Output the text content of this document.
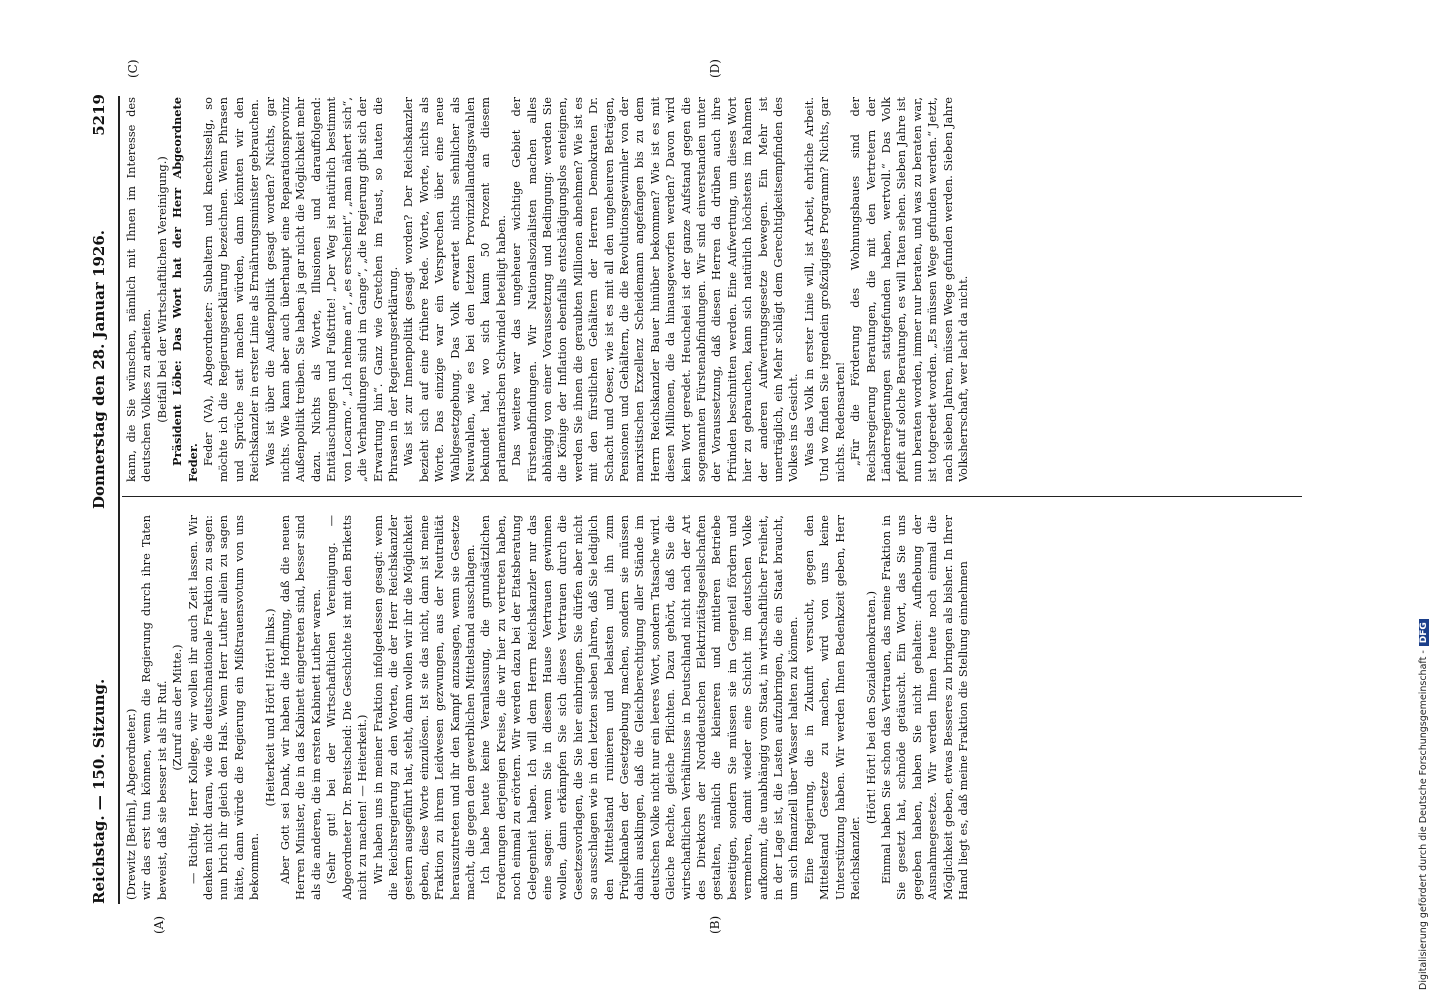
Reichstag. — 150. Sitzung.
Donnerstag den 28. Januar 1926.
5219
(A)	(B)
(C)	(D)

(Drewitz [Berlin], Abgeordneter.) wir das erst tun können, wenn die Regierung durch ihre Taten beweist, daß sie besser ist als ihr Ruf. (Zuruf aus der Mitte.) — Richtig, Herr Kollege, wir wollen ihr auch Zeit lassen. Wir denken nicht daran, wie die deutschnationale Fraktion zu sagen: nun brich ihr gleich den Hals. Wenn Herr Luther allein zu sagen hätte, dann würde die Regierung ein Mißtrauensvotum von uns bekommen.

(Heiterkeit und Hört! Hört! links.) Aber Gott sei Dank, wir haben die Hoffnung, daß die neuen Herren Minister, die in das Kabinett eingetreten sind, besser sind als die anderen, die im ersten Kabinett Luther waren. (Sehr gut! bei der Wirtschaftlichen Vereinigung. — Abgeordneter Dr. Breitscheid: Die Geschichte ist mit den Briketts nicht zu machen! — Heiterkeit.) Wir haben uns in meiner Fraktion infolgedessen gesagt: wenn die Reichsregierung zu den Worten, die der Herr Reichskanzler gestern ausgeführt hat, steht, dann wollen wir ihr die Möglichkeit geben, diese Worte einzulösen. Ist sie das nicht, dann ist meine Fraktion zu ihrem Leidwesen gezwungen, aus der Neutralität herauszutreten und ihr den Kampf anzusagen, wenn sie Gesetze macht, die gegen den gewerblichen Mittelstand ausschlagen. Ich habe heute keine Veranlassung, die grundsätzlichen Forderungen derjenigen Kreise, die wir hier zu vertreten haben, noch einmal zu erörtern. Wir werden dazu bei der Etatsberatung Gelegenheit haben. Ich will dem Herrn Reichskanzler nur das eine sagen: wenn Sie in diesem Hause Vertrauen gewinnen wollen, dann erkämpfen Sie sich dieses Vertrauen durch die Gesetzesvorlagen, die Sie hier einbringen. Sie dürfen aber nicht so ausschlagen wie in den letzten sieben Jahren, daß Sie lediglich den Mittelstand ruinieren und belasten und ihn zum Prügelknaben der Gesetzgebung machen, sondern sie müssen dahin ausklingen, daß die Gleichberechtigung aller Stände im deutschen Volke nicht nur ein leeres Wort, sondern Tatsache wird. Gleiche Rechte, gleiche Pflichten. Dazu gehört, daß Sie die wirtschaftlichen Verhältnisse in Deutschland nicht nach der Art des Direktors der Norddeutschen Elektrizitätsgesellschaften gestalten, nämlich die kleineren und mittleren Betriebe beseitigen, sondern Sie müssen sie im Gegenteil fördern und vermehren, damit wieder eine Schicht im deutschen Volke aufkommt, die unabhängig vom Staat, in wirtschaftlicher Freiheit, in der Lage ist, die Lasten aufzubringen, die ein Staat braucht, um sich finanziell über Wasser halten zu können. Eine Regierung, die in Zukunft versucht, gegen den Mittelstand Gesetze zu machen, wird von uns keine Unterstützung haben. Wir werden Ihnen Bedenkzeit geben, Herr Reichskanzler.

(Hört! Hört! bei den Sozialdemokraten.) Einmal haben Sie schon das Vertrauen, das meine Fraktion in Sie gesetzt hat, schnöde getäuscht. Ein Wort, das Sie uns gegeben haben, haben Sie nicht gehalten: Aufhebung der Ausnahmegesetze. Wir werden Ihnen heute noch einmal die Möglichkeit geben, etwas Besseres zu bringen als bisher. In Ihrer Hand liegt es, daß meine Fraktion die Stellung einnehmen

kann, die Sie wünschen, nämlich mit Ihnen im Interesse des deutschen Volkes zu arbeiten. (Beifall bei der Wirtschaftlichen Vereinigung.) Präsident Löbe: Das Wort hat der Herr Abgeordnete Feder. Feder (VA), Abgeordneter: Subaltern und knechtsselig, so möchte ich die Regierungserklärung bezeichnen. Wenn Phrasen und Sprüche satt machen würden, dann könnten wir den Reichskanzler in erster Linie als Ernährungsminister gebrauchen. Was ist über die Außenpolitik gesagt worden? Nichts, gar nichts. Wie kann aber auch überhaupt eine Reparationsprovinz Außenpolitik treiben. Sie haben ja gar nicht die Möglichkeit mehr dazu. Nichts als Worte, Illusionen und darauffolgend: Enttäuschungen und Fußtritte! „Der Weg ist natürlich bestimmt von Locarno.“ „Ich nehme an“, „es erscheint“, „man nähert sich“, „die Verhandlungen sind im Gange“, „die Regierung gibt sich der Erwartung hin“. Ganz wie Gretchen im Faust, so lauten die Phrasen in der Regierungserklärung. Was ist zur Innenpolitik gesagt worden? Der Reichskanzler bezieht sich auf eine frühere Rede. Worte, Worte, nichts als Worte. Das einzige war ein Versprechen über eine neue Wahlgesetzgebung. Das Volk erwartet nichts sehnlicher als Neuwahlen, wie es bei den letzten Provinziallandtagswahlen bekundet hat, wo sich kaum 50 Prozent an diesem parlamentarischen Schwindel beteiligt haben. Das weitere war das ungeheuer wichtige Gebiet der Fürstenabfindungen. Wir Nationalsozialisten machen alles abhängig von einer Voraussetzung und Bedingung: werden Sie die Könige der Inflation ebenfalls entschädigungslos enteignen, werden Sie ihnen die geraubten Millionen abnehmen? Wie ist es mit den fürstlichen Gehältern der Herren Demokraten Dr. Schacht und Oeser, wie ist es mit all den ungeheuren Beträgen, Pensionen und Gehältern, die die Revolutionsgewinnler von der marxistischen Exzellenz Scheidemann angefangen bis zu dem Herrn Reichskanzler Bauer hinüber bekommen? Wie ist es mit diesen Millionen, die da hinausgeworfen werden? Davon wird kein Wort geredet. Heuchelei ist der ganze Aufstand gegen die sogenannten Fürstenabfindungen. Wir sind einverstanden unter der Voraussetzung, daß diesen Herren da drüben auch ihre Pfründen beschnitten werden. Eine Aufwertung, um dieses Wort hier zu gebrauchen, kann sich natürlich höchstens im Rahmen der anderen Aufwertungsgesetze bewegen. Ein Mehr ist unerträglich, ein Mehr schlägt dem Gerechtigkeitsempfinden des Volkes ins Gesicht. Was das Volk in erster Linie will, ist Arbeit, ehrliche Arbeit. Und wo finden Sie irgendein großzügiges Programm? Nichts, gar nichts. Redensarten! „Für die Förderung des Wohnungsbaues sind der Reichsregierung Beratungen, die mit den Vertretern der Länderregierungen stattgefunden haben, wertvoll.“ Das Volk pfeift auf solche Beratungen, es will Taten sehen. Sieben Jahre ist nun beraten worden, immer nur beraten, und was zu beraten war, ist totgeredet worden. „Es müssen Wege gefunden werden.“ Jetzt, nach sieben Jahren, müssen Wege gefunden werden. Sieben Jahre Volksherrschaft, wer lacht da nicht.

Digitalisierung gefördert durch die Deutsche Forschungsgemeinschaft -DFG
